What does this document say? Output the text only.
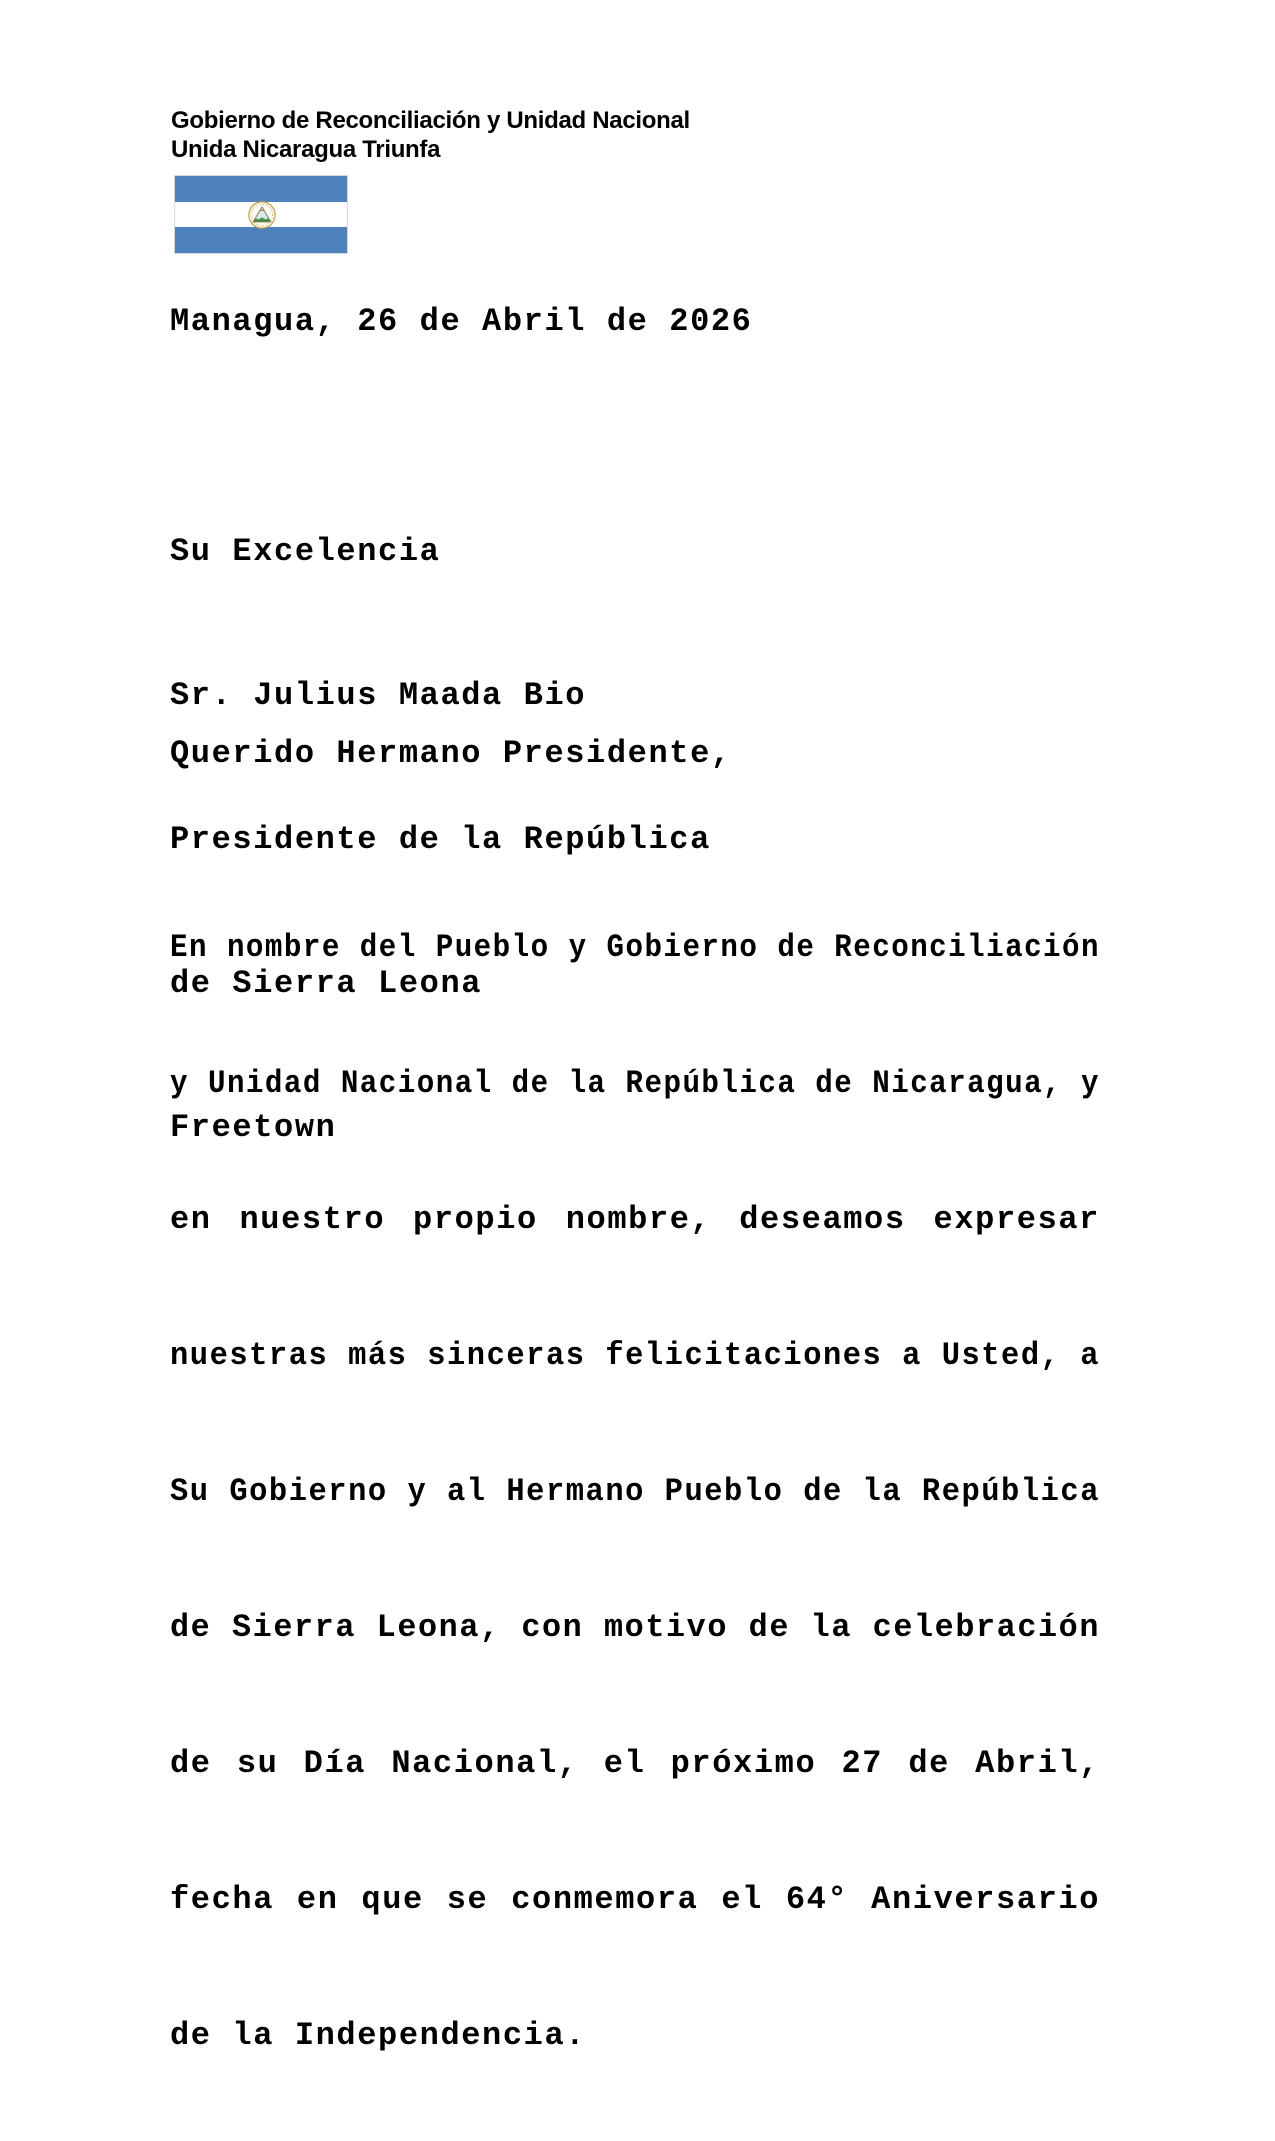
Gobierno de Reconciliación y Unidad Nacional
Unida Nicaragua Triunfa
Managua, 26 de Abril de 2026

Su Excelencia

Sr. Julius Maada Bio

Presidente de la República

de Sierra Leona

Freetown

Querido Hermano Presidente,

En nombre del Pueblo y Gobierno de Reconciliación

y Unidad Nacional de la República de Nicaragua, y

en nuestro propio nombre, deseamos expresar

nuestras más sinceras felicitaciones a Usted, a

Su Gobierno y al Hermano Pueblo de la República

de Sierra Leona, con motivo de la celebración

de su Día Nacional, el próximo 27 de Abril,

fecha en que se conmemora el 64° Aniversario

de la Independencia.
